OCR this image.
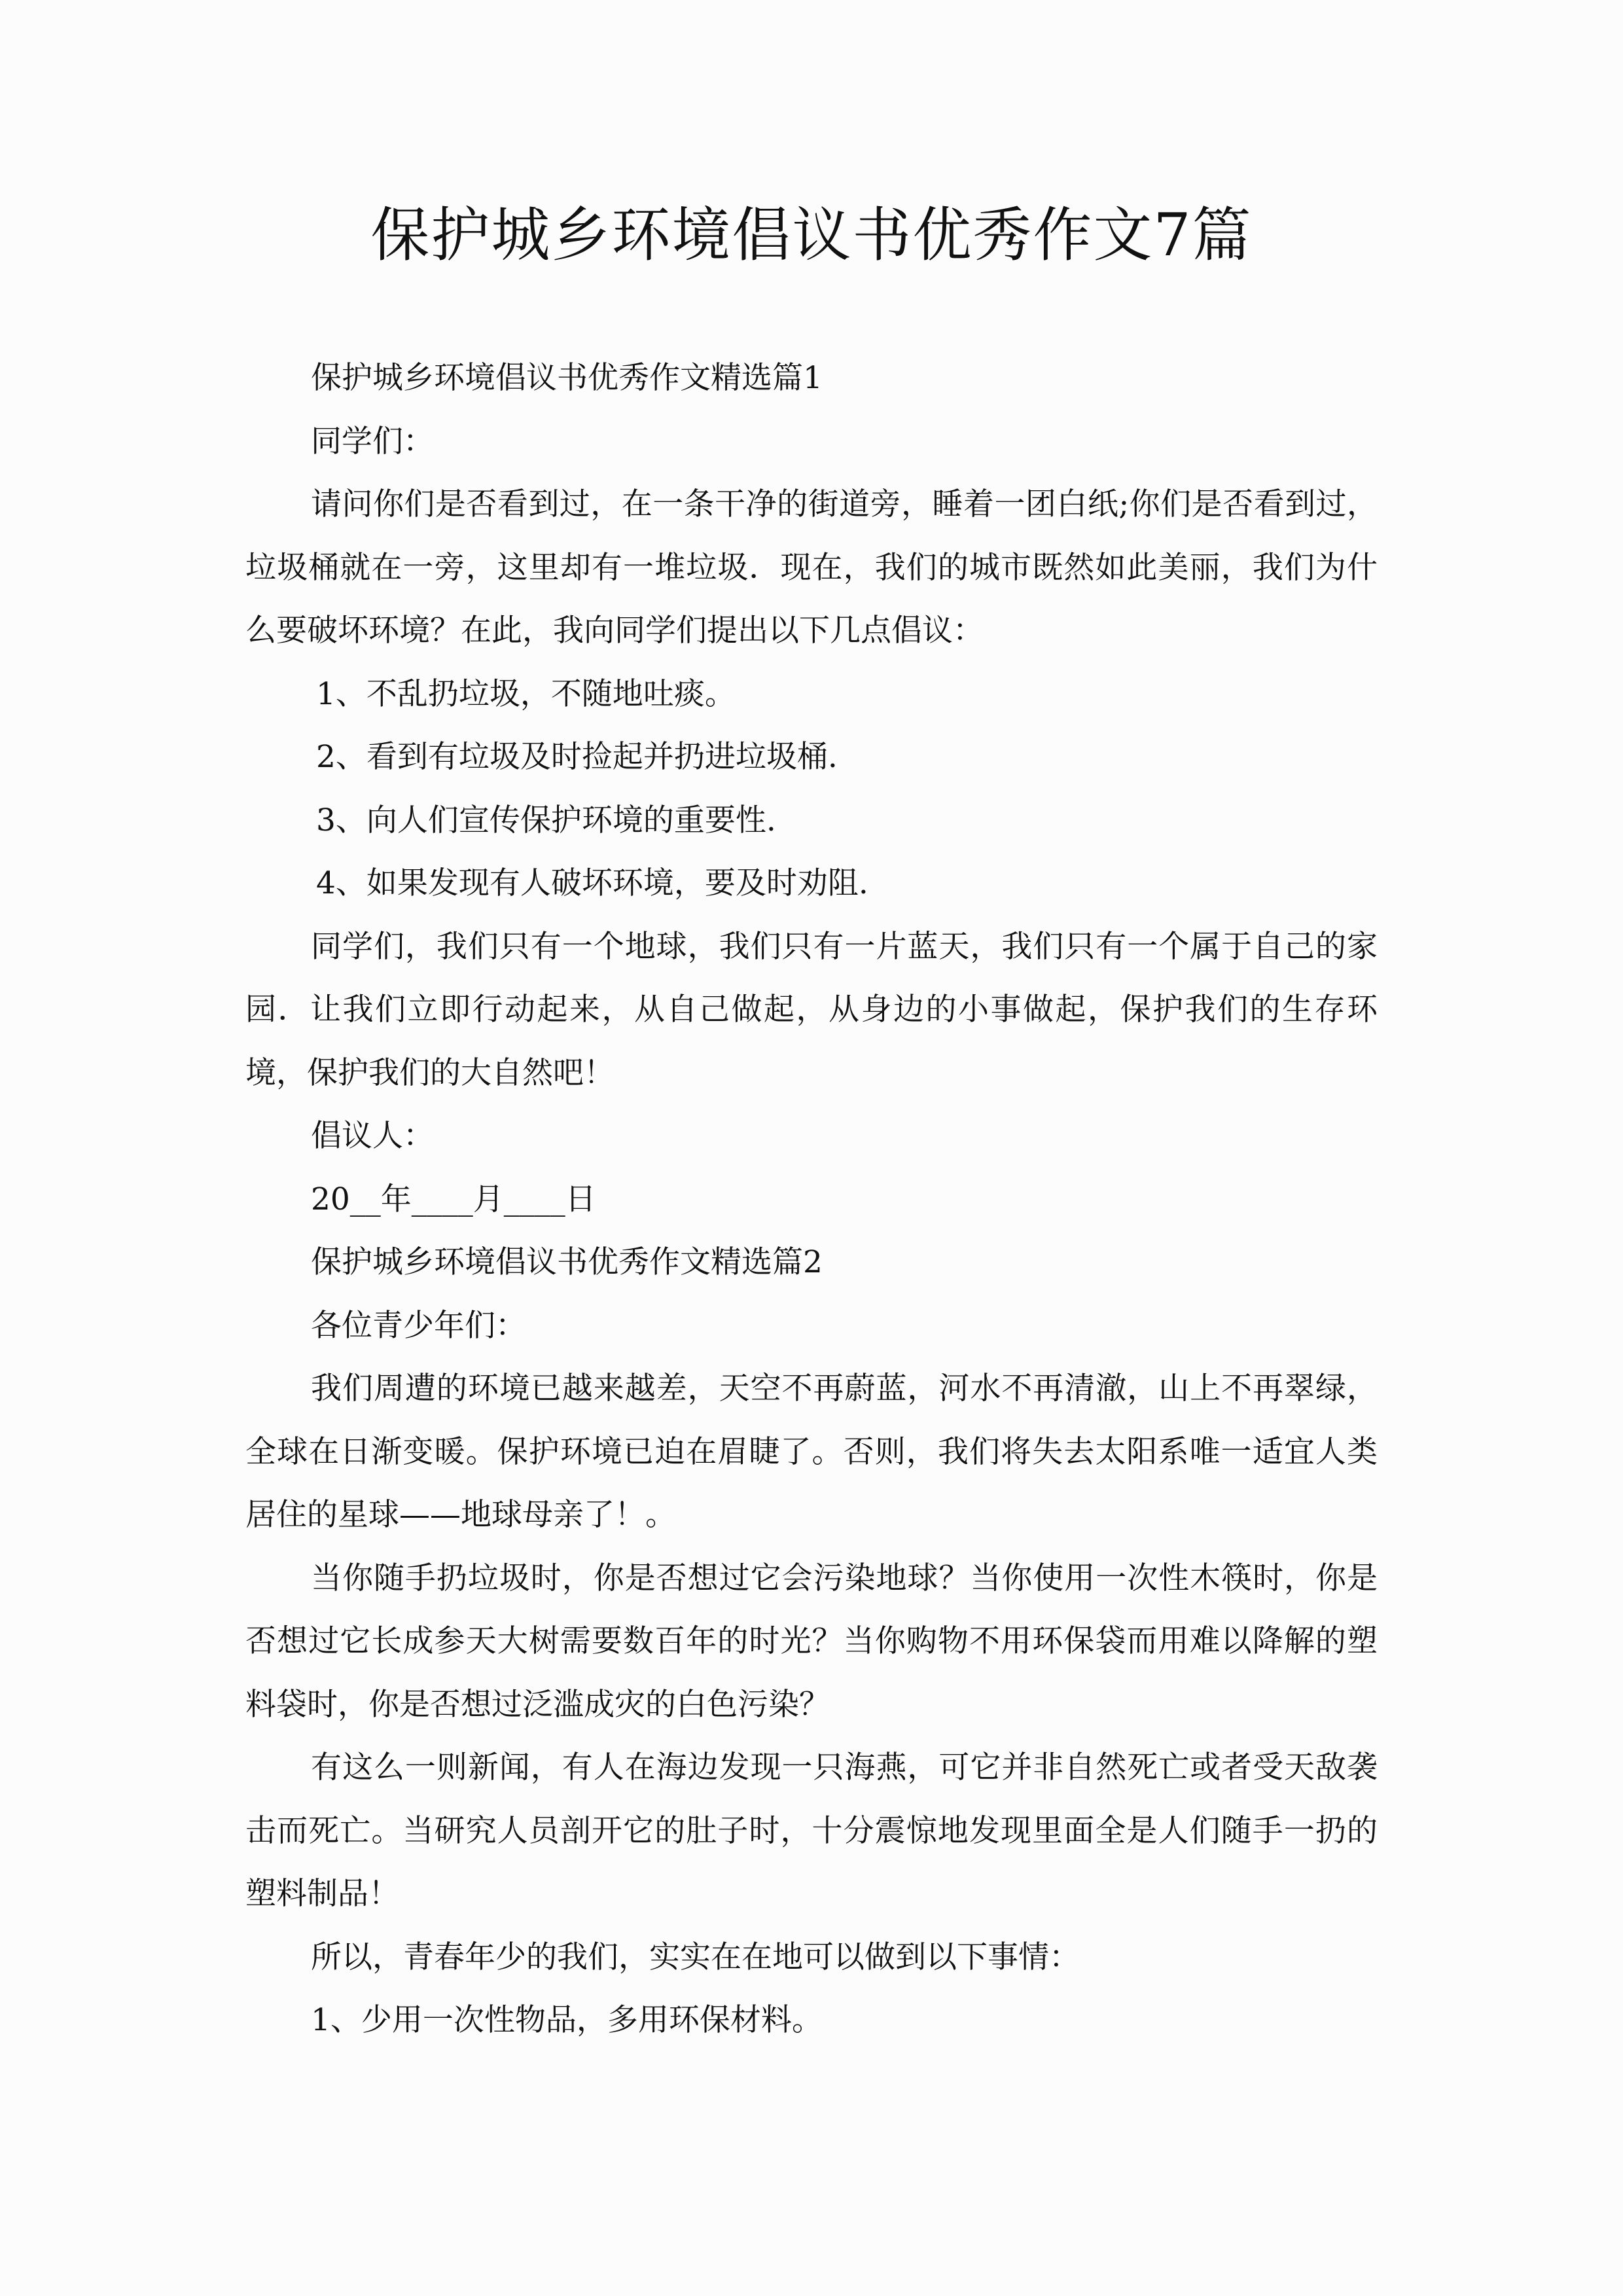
保护城乡环境倡议书优秀作文7篇

保护城乡环境倡议书优秀作文精选篇1

同学们：

请问你们是否看到过，在一条干净的街道旁，睡着一团白纸;你们是否看到过，垃圾桶就在一旁，这里却有一堆垃圾．现在，我们的城市既然如此美丽，我们为什么要破坏环境？在此，我向同学们提出以下几点倡议：

1、不乱扔垃圾，不随地吐痰。

2、看到有垃圾及时捡起并扔进垃圾桶.

3、向人们宣传保护环境的重要性.

4、如果发现有人破坏环境，要及时劝阻.

同学们，我们只有一个地球，我们只有一片蓝天，我们只有一个属于自己的家园．让我们立即行动起来，从自己做起，从身边的小事做起，保护我们的生存环境，保护我们的大自然吧！

倡议人：

20__年____月____日

保护城乡环境倡议书优秀作文精选篇2

各位青少年们：

我们周遭的环境已越来越差，天空不再蔚蓝，河水不再清澈，山上不再翠绿，全球在日渐变暖。保护环境已迫在眉睫了。否则，我们将失去太阳系唯一适宜人类居住的星球——地球母亲了！。

当你随手扔垃圾时，你是否想过它会污染地球？当你使用一次性木筷时，你是否想过它长成参天大树需要数百年的时光？当你购物不用环保袋而用难以降解的塑料袋时，你是否想过泛滥成灾的白色污染？

有这么一则新闻，有人在海边发现一只海燕，可它并非自然死亡或者受天敌袭击而死亡。当研究人员剖开它的肚子时，十分震惊地发现里面全是人们随手一扔的塑料制品！

所以，青春年少的我们，实实在在地可以做到以下事情：

1、少用一次性物品，多用环保材料。
